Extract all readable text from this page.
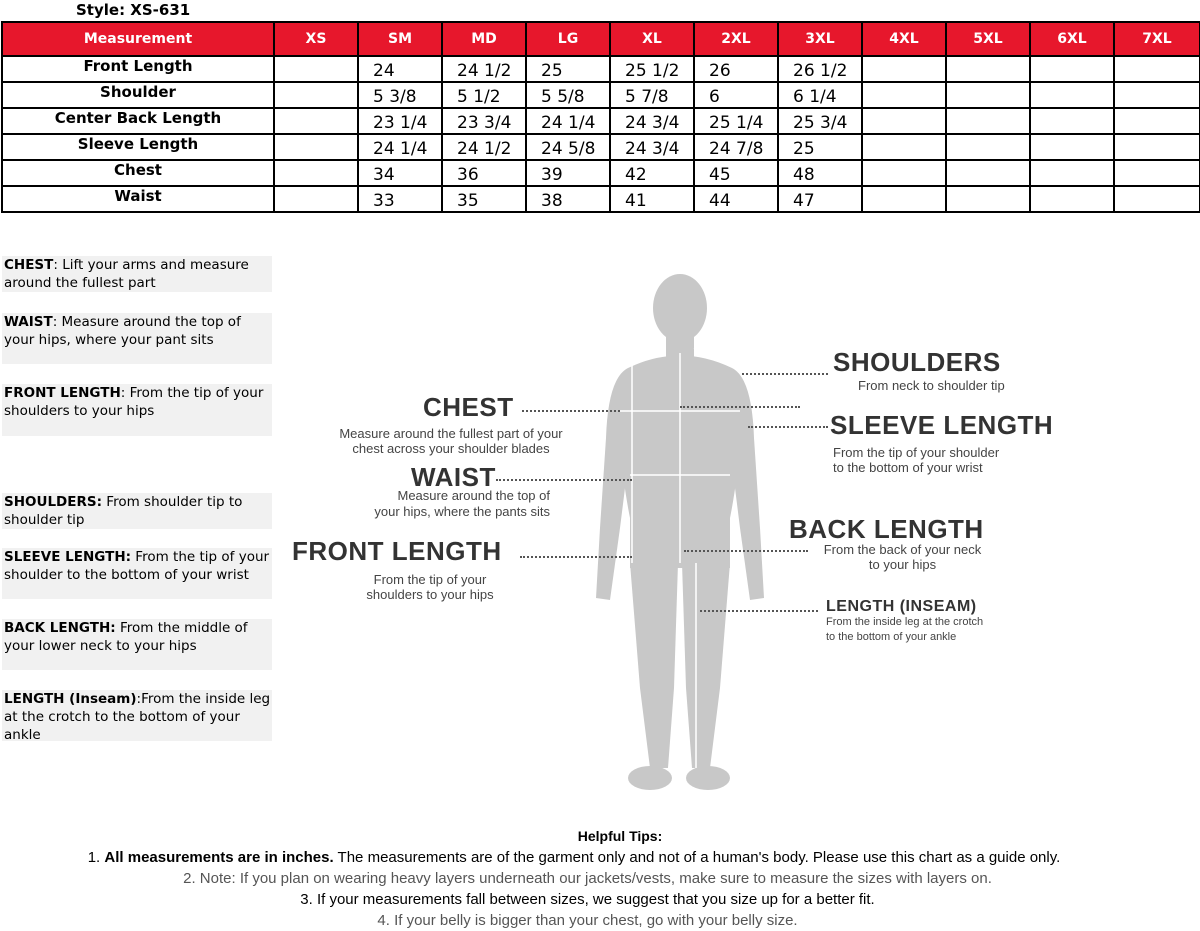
Style: XS-631
Measurement	XS	SM	MD	LG	XL	2XL	3XL	4XL	5XL	6XL	7XL
Front Length		24	24 1/2	25	25 1/2	26	26 1/2				
Shoulder		5 3/8	5 1/2	5 5/8	5 7/8	6	6 1/4				
Center Back Length		23 1/4	23 3/4	24 1/4	24 3/4	25 1/4	25 3/4				
Sleeve Length		24 1/4	24 1/2	24 5/8	24 3/4	24 7/8	25				
Chest		34	36	39	42	45	48				
Waist		33	35	38	41	44	47				
CHEST: Lift your arms and measure around the fullest part
WAIST: Measure around the top of your hips, where your pant sits
FRONT LENGTH: From the tip of your shoulders to your hips
SHOULDERS: From shoulder tip to shoulder tip
SLEEVE LENGTH: From the tip of your shoulder to the bottom of your wrist
BACK LENGTH: From the middle of your lower neck to your hips
LENGTH (Inseam):From the inside leg at the crotch to the bottom of your ankle
CHEST
Measure around the fullest part of your
chest across your shoulder blades
WAIST
Measure around the top of
your hips, where the pants sits
FRONT LENGTH
From the tip of your
shoulders to your hips
SHOULDERS
From neck to shoulder tip
SLEEVE LENGTH
From the tip of your shoulder
to the bottom of your wrist
BACK LENGTH
From the back of your neck
to your hips
LENGTH (INSEAM)
From the inside leg at the crotch
to the bottom of your ankle
Helpful Tips:
1. All measurements are in inches. The measurements are of the garment only and not of a human's body. Please use this chart as a guide only.
2. Note: If you plan on wearing heavy layers underneath our jackets/vests, make sure to measure the sizes with layers on.
3. If your measurements fall between sizes, we suggest that you size up for a better fit.
4. If your belly is bigger than your chest, go with your belly size.
